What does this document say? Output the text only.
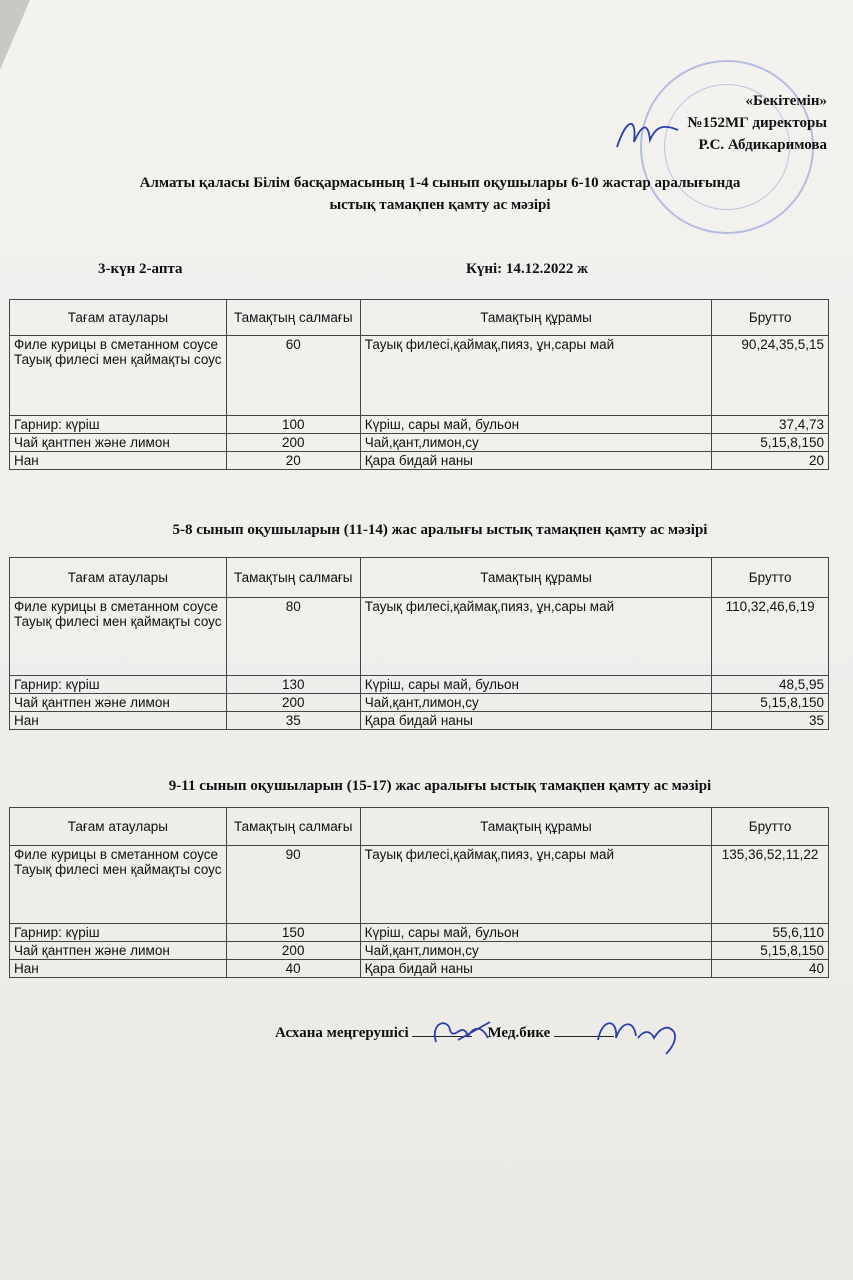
«Бекітемін»
№152МГ директоры
Р.С. Абдикаримова
Алматы қаласы Білім басқармасының 1-4 сынып оқушылары 6-10 жастар аралығында
ыстық тамақпен қамту ас мәзірі
3-күн 2-апта	Күні: 14.12.2022 ж
Тағам атаулары	Тамақтың салмағы	Тамақтың құрамы	Брутто
Филе курицы в сметанном соусе
Тауық филесі мен қаймақты соус	60	Тауық филесі,қаймақ,пияз, ұн,сары май	90,24,35,5,15
Гарнир: күріш	100	Күріш, сары май, бульон	37,4,73
Чай қантпен және лимон	200	Чай,қант,лимон,су	5,15,8,150
Нан	20	Қара бидай наны	20
5-8 сынып оқушыларын (11-14) жас аралығы ыстық тамақпен қамту ас мәзірі
Тағам атаулары	Тамақтың салмағы	Тамақтың құрамы	Брутто
Филе курицы в сметанном соусе
Тауық филесі мен қаймақты соус	80	Тауық филесі,қаймақ,пияз, ұн,сары май	110,32,46,6,19
Гарнир: күріш	130	Күріш, сары май, бульон	48,5,95
Чай қантпен және лимон	200	Чай,қант,лимон,су	5,15,8,150
Нан	35	Қара бидай наны	35
9-11 сынып оқушыларын (15-17) жас аралығы ыстық тамақпен қамту ас мәзірі
Тағам атаулары	Тамақтың салмағы	Тамақтың құрамы	Брутто
Филе курицы в сметанном соусе
Тауық филесі мен қаймақты соус	90	Тауық филесі,қаймақ,пияз, ұн,сары май	135,36,52,11,22
Гарнир: күріш	150	Күріш, сары май, бульон	55,6,110
Чай қантпен және лимон	200	Чай,қант,лимон,су	5,15,8,150
Нан	40	Қара бидай наны	40
Асхана меңгерушісі	Мед.бике
